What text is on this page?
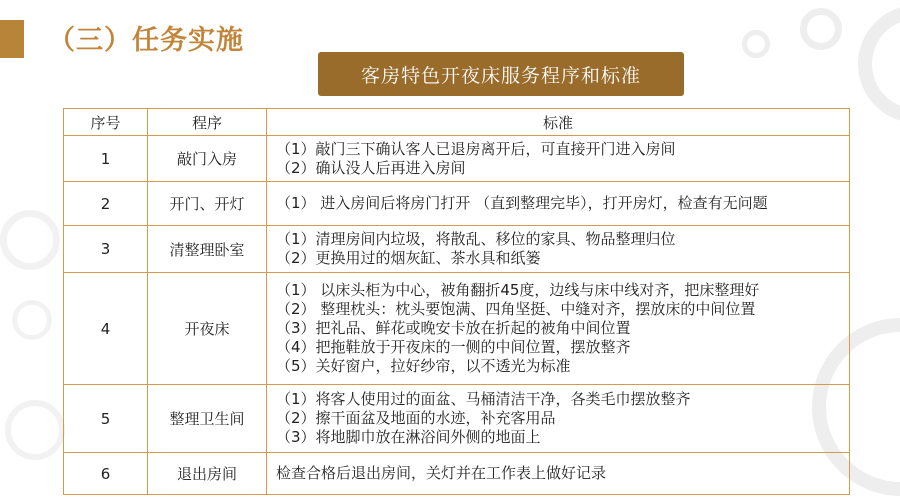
（三）任务实施
客房特色开夜床服务程序和标准
序号	程序	标准
1	敲门入房	（1）敲门三下确认客人已退房离开后，可直接开门进入房间
（2）确认没人后再进入房间

2	开门、开灯	（1） 进入房间后将房门打开 （直到整理完毕），打开房灯，检查有无问题

3	清整理卧室	（1）清理房间内垃圾，将散乱、移位的家具、物品整理归位
（2）更换用过的烟灰缸、茶水具和纸篓

4	开夜床	（1） 以床头柜为中心，被角翻折45度，边线与床中线对齐，把床整理好
（2） 整理枕头：枕头要饱满、四角坚挺、中缝对齐，摆放床的中间位置
（3）把礼品、鲜花或晚安卡放在折起的被角中间位置
（4）把拖鞋放于开夜床的一侧的中间位置，摆放整齐
（5）关好窗户，拉好纱帘，以不透光为标准

5	整理卫生间	（1）将客人使用过的面盆、马桶清洁干净，各类毛巾摆放整齐
（2）擦干面盆及地面的水迹，补充客用品
（3）将地脚巾放在淋浴间外侧的地面上

6	退出房间	检查合格后退出房间，关灯并在工作表上做好记录
